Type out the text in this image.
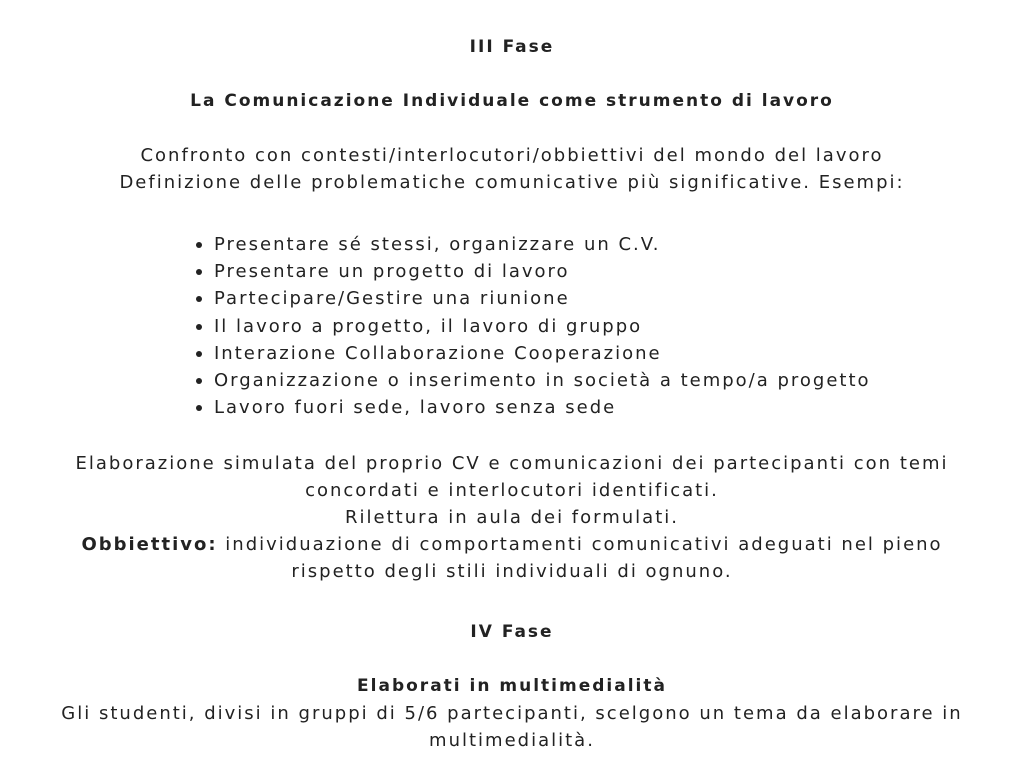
III Fase
La Comunicazione Individuale come strumento di lavoro
Confronto con contesti/interlocutori/obbiettivi del mondo del lavoro
Definizione delle problematiche comunicative più significative. Esempi:
Presentare sé stessi, organizzare un C.V.
Presentare un progetto di lavoro
Partecipare/Gestire una riunione
Il lavoro a progetto, il lavoro di gruppo
Interazione Collaborazione Cooperazione
Organizzazione o inserimento in società a tempo/a progetto
Lavoro fuori sede, lavoro senza sede
Elaborazione simulata del proprio CV e comunicazioni dei partecipanti con temi
concordati e interlocutori identificati.
Rilettura in aula dei formulati.
Obbiettivo: individuazione di comportamenti comunicativi adeguati nel pieno
rispetto degli stili individuali di ognuno.
IV Fase
Elaborati in multimedialità
Gli studenti, divisi in gruppi di 5/6 partecipanti, scelgono un tema da elaborare in
multimedialità.
